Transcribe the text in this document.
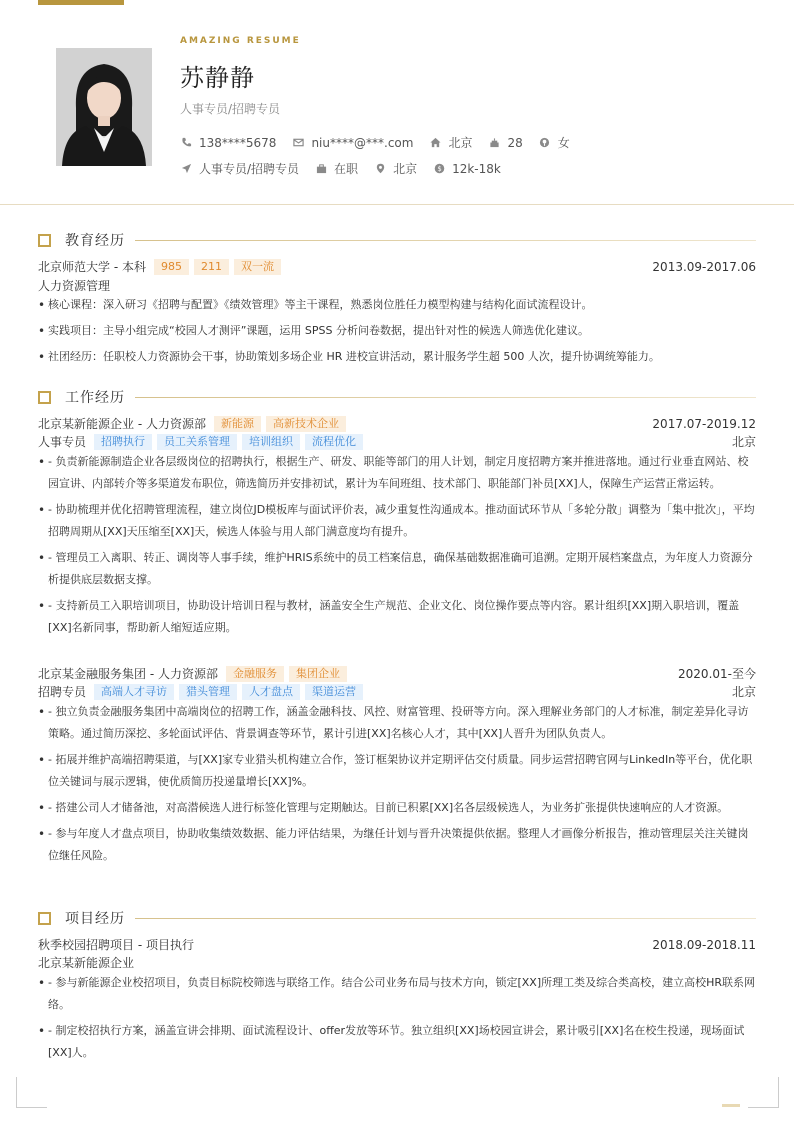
AMAZING RESUME
苏静静
人事专员/招聘专员
138****5678	niu****@***.com	北京	28	女
人事专员/招聘专员	在职	北京	$ 12k-18k
教育经历
北京师范大学 - 本科	985	211	双一流	2013.09-2017.06
人力资源管理
• 核心课程：深入研习《招聘与配置》《绩效管理》等主干课程，熟悉岗位胜任力模型构建与结构化面试流程设计。
• 实践项目：主导小组完成“校园人才测评”课题，运用 SPSS 分析问卷数据，提出针对性的候选人筛选优化建议。
• 社团经历：任职校人力资源协会干事，协助策划多场企业 HR 进校宣讲活动，累计服务学生超 500 人次，提升协调统筹能力。
工作经历
北京某新能源企业 - 人力资源部	新能源	高新技术企业	2017.07-2019.12
人事专员	招聘执行	员工关系管理	培训组织	流程优化	北京
• - 负责新能源制造企业各层级岗位的招聘执行，根据生产、研发、职能等部门的用人计划，制定月度招聘方案并推进落地。通过行业垂直网站、校园宣讲、内部转介等多渠道发布职位，筛选简历并安排初试，累计为车间班组、技术部门、职能部门补员[XX]人，保障生产运营正常运转。
• - 协助梳理并优化招聘管理流程，建立岗位JD模板库与面试评价表，减少重复性沟通成本。推动面试环节从「多轮分散」调整为「集中批次」，平均招聘周期从[XX]天压缩至[XX]天，候选人体验与用人部门满意度均有提升。
• - 管理员工入离职、转正、调岗等人事手续，维护HRIS系统中的员工档案信息，确保基础数据准确可追溯。定期开展档案盘点，为年度人力资源分析提供底层数据支撑。
• - 支持新员工入职培训项目，协助设计培训日程与教材，涵盖安全生产规范、企业文化、岗位操作要点等内容。累计组织[XX]期入职培训，覆盖[XX]名新同事，帮助新人缩短适应期。
北京某金融服务集团 - 人力资源部	金融服务	集团企业	2020.01-至今
招聘专员	高端人才寻访	猎头管理	人才盘点	渠道运营	北京
• - 独立负责金融服务集团中高端岗位的招聘工作，涵盖金融科技、风控、财富管理、投研等方向。深入理解业务部门的人才标准，制定差异化寻访策略。通过简历深挖、多轮面试评估、背景调查等环节，累计引进[XX]名核心人才，其中[XX]人晋升为团队负责人。
• - 拓展并维护高端招聘渠道，与[XX]家专业猎头机构建立合作，签订框架协议并定期评估交付质量。同步运营招聘官网与LinkedIn等平台，优化职位关键词与展示逻辑，使优质简历投递量增长[XX]%。
• - 搭建公司人才储备池，对高潜候选人进行标签化管理与定期触达。目前已积累[XX]名各层级候选人，为业务扩张提供快速响应的人才资源。
• - 参与年度人才盘点项目，协助收集绩效数据、能力评估结果，为继任计划与晋升决策提供依据。整理人才画像分析报告，推动管理层关注关键岗位继任风险。
项目经历
秋季校园招聘项目 - 项目执行	2018.09-2018.11
北京某新能源企业
• - 参与新能源企业校招项目，负责目标院校筛选与联络工作。结合公司业务布局与技术方向，锁定[XX]所理工类及综合类高校，建立高校HR联系网络。
• - 制定校招执行方案，涵盖宣讲会排期、面试流程设计、offer发放等环节。独立组织[XX]场校园宣讲会，累计吸引[XX]名在校生投递，现场面试[XX]人。
